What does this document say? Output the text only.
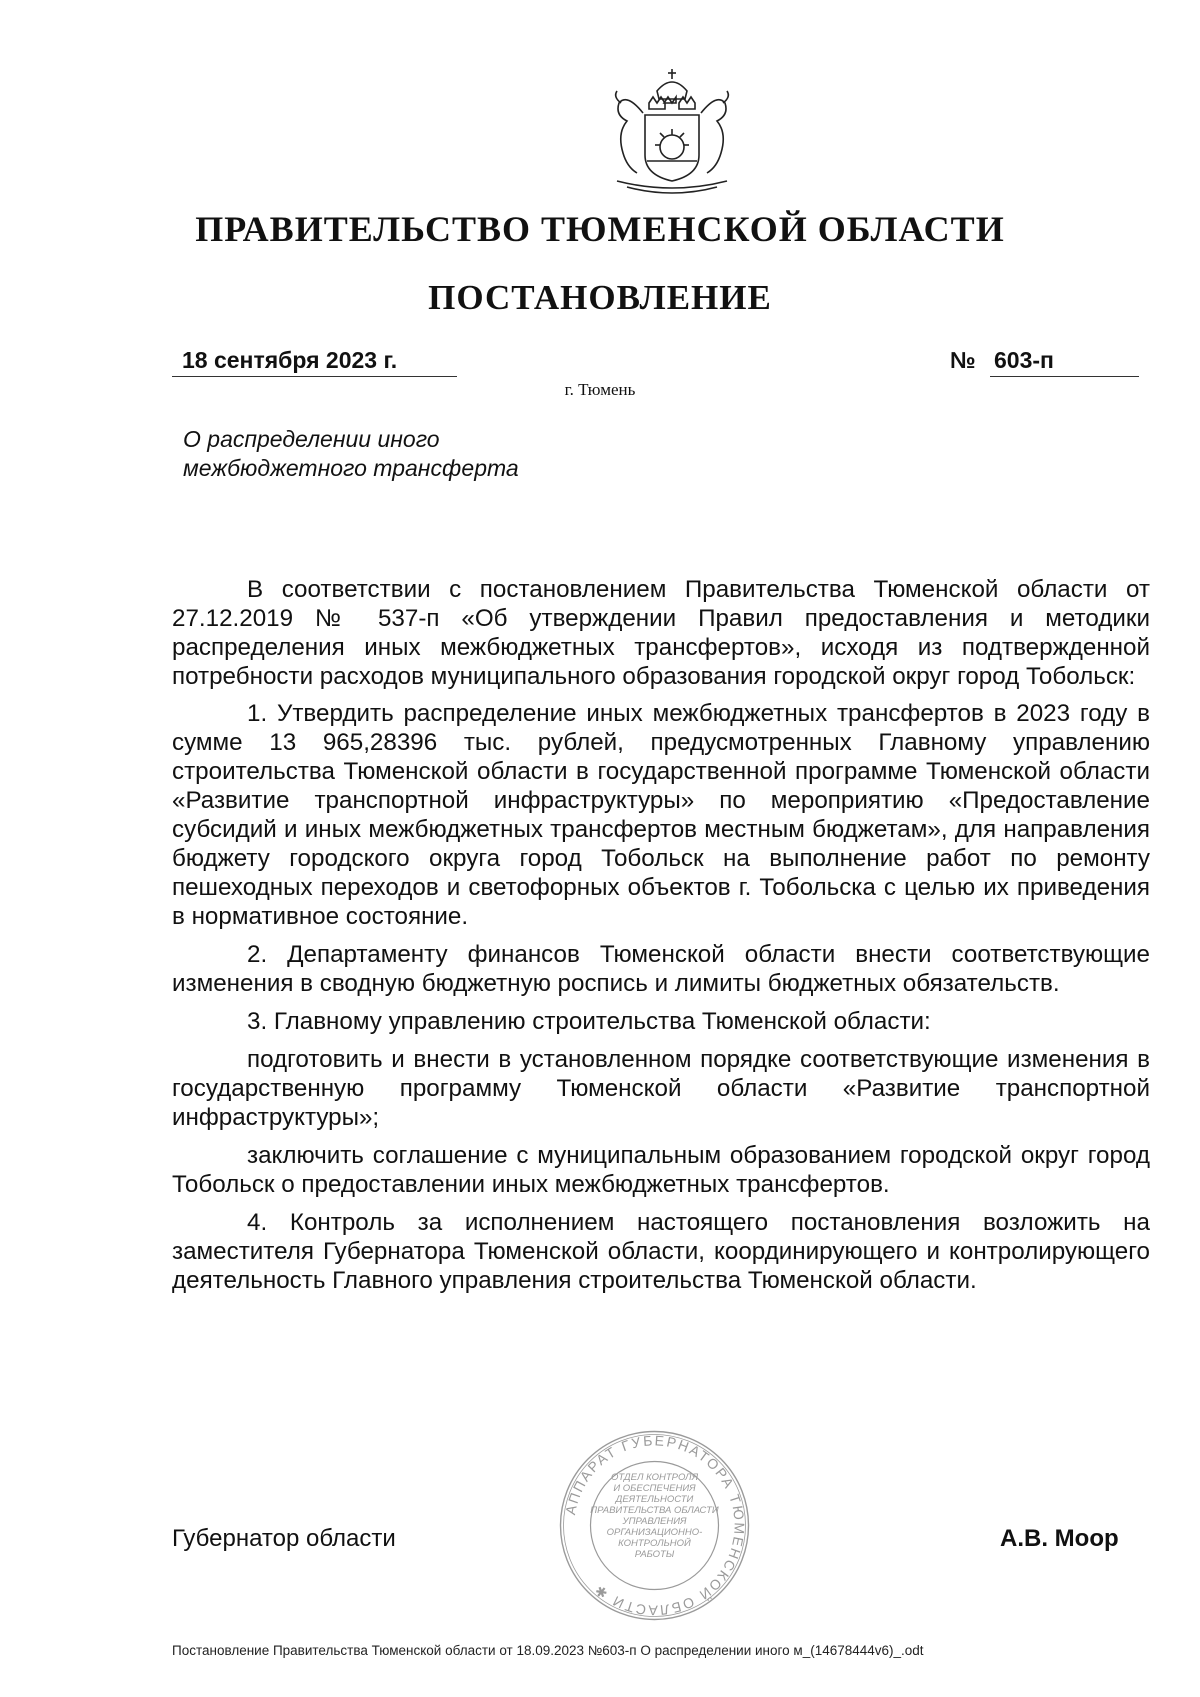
ПРАВИТЕЛЬСТВО ТЮМЕНСКОЙ ОБЛАСТИ
ПОСТАНОВЛЕНИЕ
18 сентября 2023 г.	№ 603-п
г. Тюмень
О распределении иного
межбюджетного трансферта

В соответствии с постановлением Правительства Тюменской области от 27.12.2019 № 537-п «Об утверждении Правил предоставления и методики распределения иных межбюджетных трансфертов», исходя из подтвержденной потребности расходов муниципального образования городской округ город Тобольск:

1. Утвердить распределение иных межбюджетных трансфертов в 2023 году в сумме 13 965,28396 тыс. рублей, предусмотренных Главному управлению строительства Тюменской области в государственной программе Тюменской области «Развитие транспортной инфраструктуры» по мероприятию «Предоставление субсидий и иных межбюджетных трансфертов местным бюджетам», для направления бюджету городского округа город Тобольск на выполнение работ по ремонту пешеходных переходов и светофорных объектов г. Тобольска с целью их приведения в нормативное состояние.

2. Департаменту финансов Тюменской области внести соответствующие изменения в сводную бюджетную роспись и лимиты бюджетных обязательств.

3. Главному управлению строительства Тюменской области:

подготовить и внести в установленном порядке соответствующие изменения в государственную программу Тюменской области «Развитие транспортной инфраструктуры»;

заключить соглашение с муниципальным образованием городской округ город Тобольск о предоставлении иных межбюджетных трансфертов.

4. Контроль за исполнением настоящего постановления возложить на заместителя Губернатора Тюменской области, координирующего и контролирующего деятельность Главного управления строительства Тюменской области.

АППАРАТ ГУБЕРНАТОРА ТЮМЕНСКОЙ ОБЛАСТИ ✱
ОТДЕЛ КОНТРОЛЯ
И ОБЕСПЕЧЕНИЯ
ДЕЯТЕЛЬНОСТИ
ПРАВИТЕЛЬСТВА ОБЛАСТИ
УПРАВЛЕНИЯ
ОРГАНИЗАЦИОННО-
КОНТРОЛЬНОЙ
РАБОТЫ
Губернатор области	А.В. Моор
Постановление Правительства Тюменской области от 18.09.2023 №603-п О распределении иного м_(14678444v6)_.odt
